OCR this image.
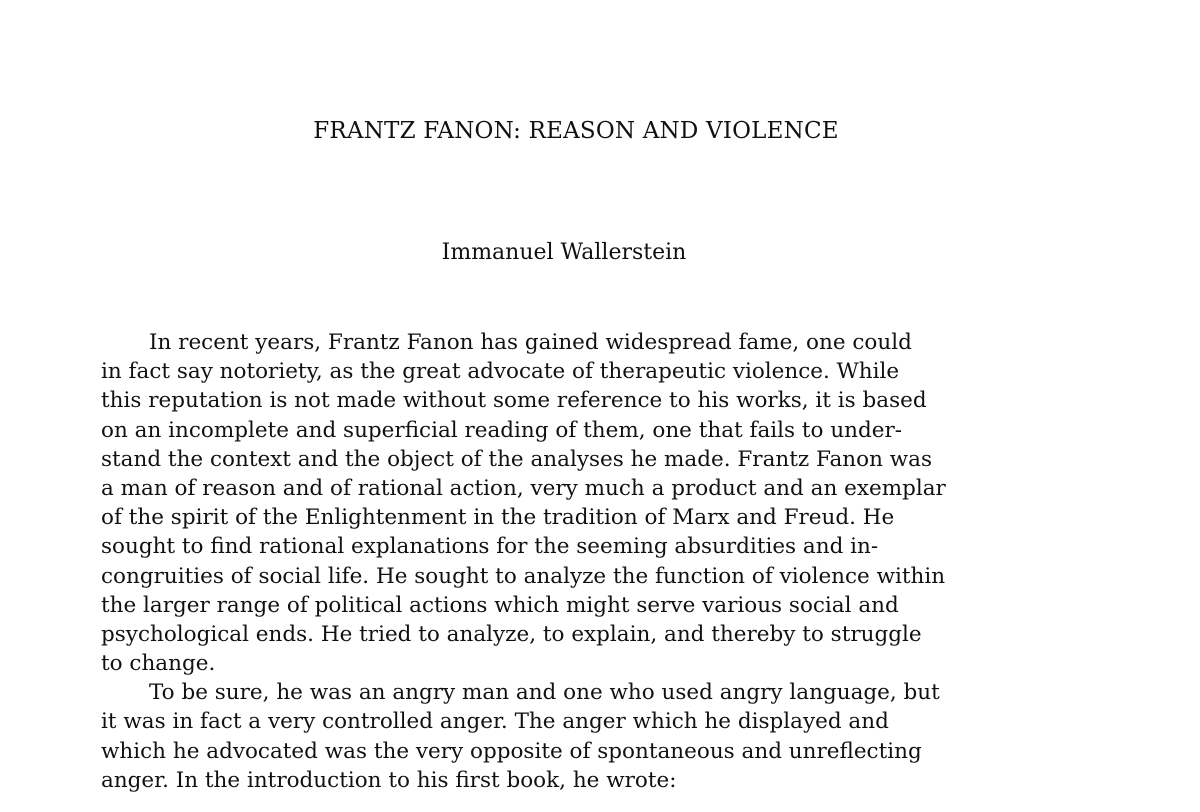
FRANTZ FANON: REASON AND VIOLENCE
Immanuel Wallerstein
In recent years, Frantz Fanon has gained widespread fame, one could
in fact say notoriety, as the great advocate of therapeutic violence. While
this reputation is not made without some reference to his works, it is based
on an incomplete and superficial reading of them, one that fails to under-
stand the context and the object of the analyses he made. Frantz Fanon was
a man of reason and of rational action, very much a product and an exemplar
of the spirit of the Enlightenment in the tradition of Marx and Freud. He
sought to find rational explanations for the seeming absurdities and in-
congruities of social life. He sought to analyze the function of violence within
the larger range of political actions which might serve various social and
psychological ends. He tried to analyze, to explain, and thereby to struggle
to change.
To be sure, he was an angry man and one who used angry language, but
it was in fact a very controlled anger. The anger which he displayed and
which he advocated was the very opposite of spontaneous and unreflecting
anger. In the introduction to his first book, he wrote:
